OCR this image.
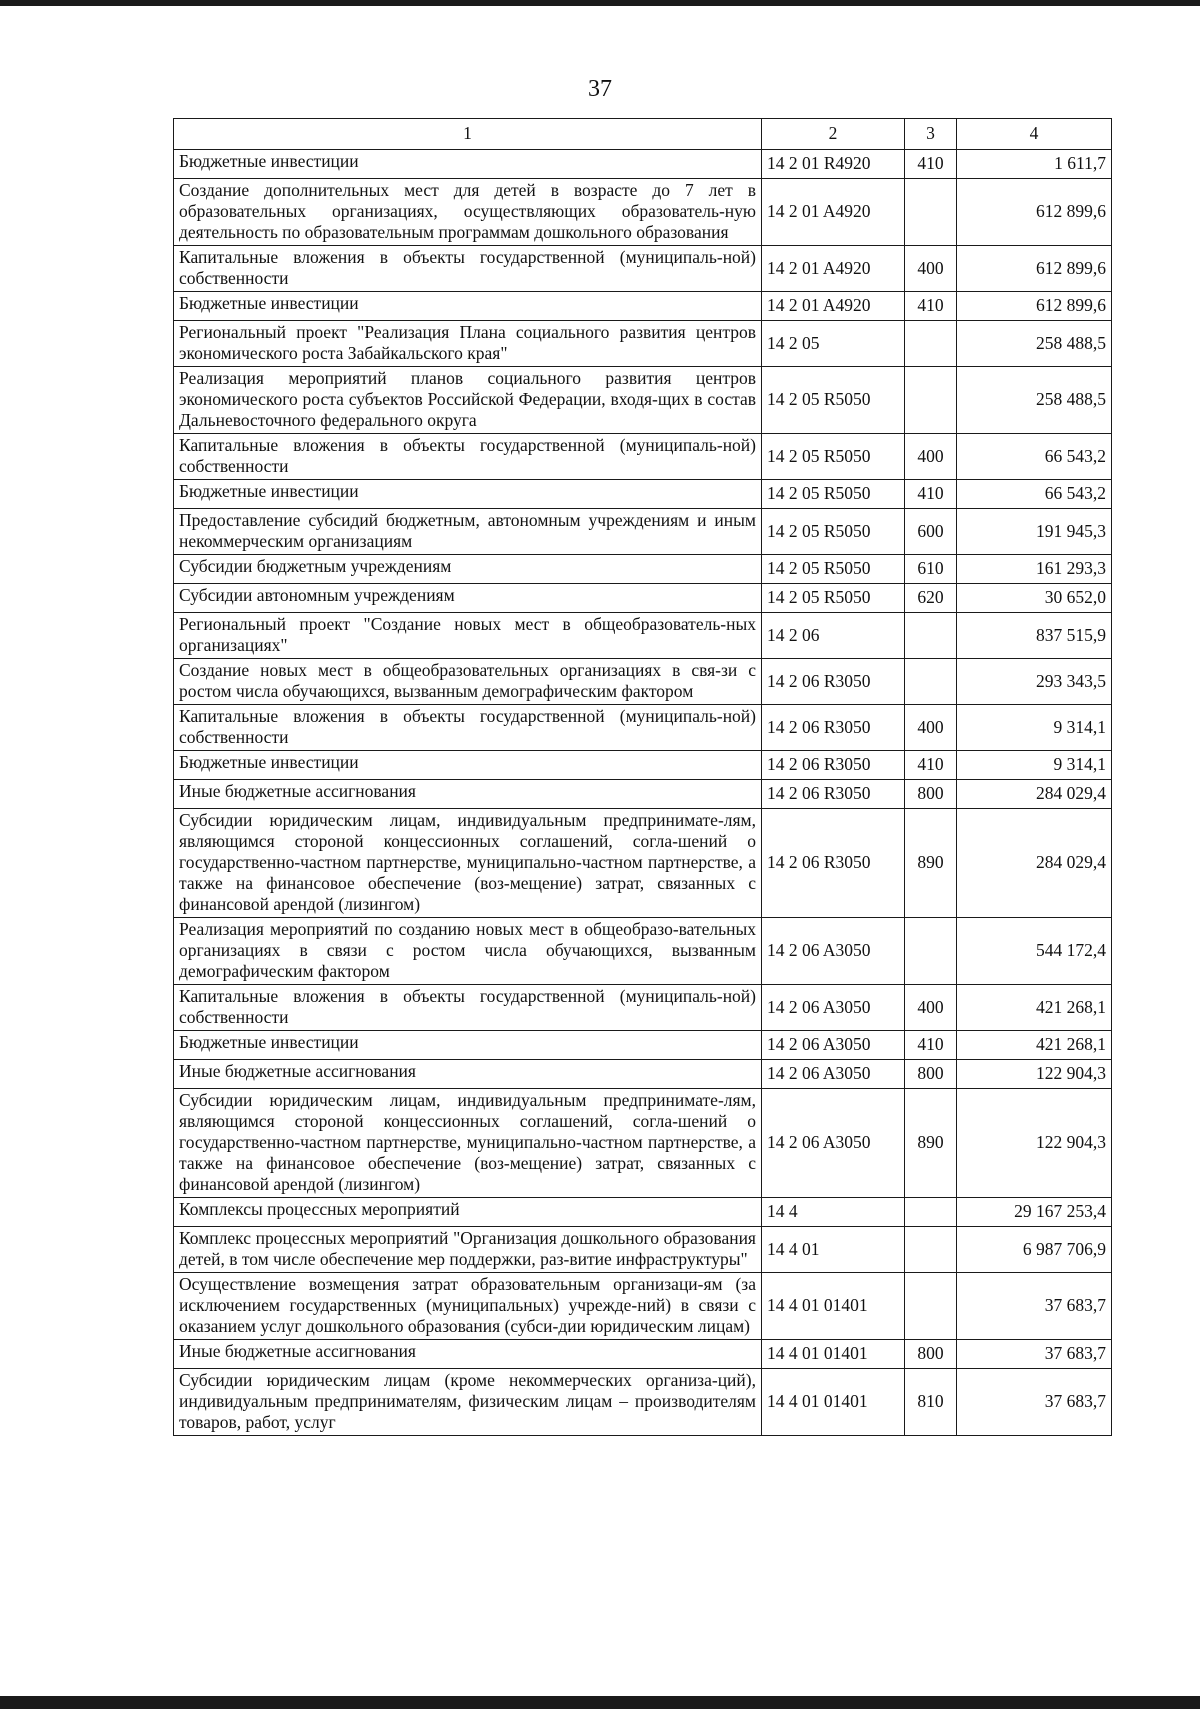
37
1	2	3	4
Бюджетные инвестиции	14 2 01 R4920	410	1 611,7
Создание дополнительных мест для детей в возрасте до 7 лет в образовательных организациях, осуществляющих образователь-ную деятельность по образовательным программам дошкольного образования	14 2 01 A4920		612 899,6
Капитальные вложения в объекты государственной (муниципаль-ной) собственности	14 2 01 A4920	400	612 899,6
Бюджетные инвестиции	14 2 01 A4920	410	612 899,6
Региональный проект "Реализация Плана социального развития центров экономического роста Забайкальского края"	14 2 05		258 488,5
Реализация мероприятий планов социального развития центров экономического роста субъектов Российской Федерации, входя-щих в состав Дальневосточного федерального округа	14 2 05 R5050		258 488,5
Капитальные вложения в объекты государственной (муниципаль-ной) собственности	14 2 05 R5050	400	66 543,2
Бюджетные инвестиции	14 2 05 R5050	410	66 543,2
Предоставление субсидий бюджетным, автономным учреждениям и иным некоммерческим организациям	14 2 05 R5050	600	191 945,3
Субсидии бюджетным учреждениям	14 2 05 R5050	610	161 293,3
Субсидии автономным учреждениям	14 2 05 R5050	620	30 652,0
Региональный проект "Создание новых мест в общеобразователь-ных организациях"	14 2 06		837 515,9
Создание новых мест в общеобразовательных организациях в свя-зи с ростом числа обучающихся, вызванным демографическим фактором	14 2 06 R3050		293 343,5
Капитальные вложения в объекты государственной (муниципаль-ной) собственности	14 2 06 R3050	400	9 314,1
Бюджетные инвестиции	14 2 06 R3050	410	9 314,1
Иные бюджетные ассигнования	14 2 06 R3050	800	284 029,4
Субсидии юридическим лицам, индивидуальным предпринимате-лям, являющимся стороной концессионных соглашений, согла-шений о государственно-частном партнерстве, муниципально-частном партнерстве, а также на финансовое обеспечение (воз-мещение) затрат, связанных с финансовой арендой (лизингом)	14 2 06 R3050	890	284 029,4
Реализация мероприятий по созданию новых мест в общеобразо-вательных организациях в связи с ростом числа обучающихся, вызванным демографическим фактором	14 2 06 A3050		544 172,4
Капитальные вложения в объекты государственной (муниципаль-ной) собственности	14 2 06 A3050	400	421 268,1
Бюджетные инвестиции	14 2 06 A3050	410	421 268,1
Иные бюджетные ассигнования	14 2 06 A3050	800	122 904,3
Субсидии юридическим лицам, индивидуальным предпринимате-лям, являющимся стороной концессионных соглашений, согла-шений о государственно-частном партнерстве, муниципально-частном партнерстве, а также на финансовое обеспечение (воз-мещение) затрат, связанных с финансовой арендой (лизингом)	14 2 06 A3050	890	122 904,3
Комплексы процессных мероприятий	14 4		29 167 253,4
Комплекс процессных мероприятий "Организация дошкольного образования детей, в том числе обеспечение мер поддержки, раз-витие инфраструктуры"	14 4 01		6 987 706,9
Осуществление возмещения затрат образовательным организаци-ям (за исключением государственных (муниципальных) учрежде-ний) в связи с оказанием услуг дошкольного образования (субси-дии юридическим лицам)	14 4 01 01401		37 683,7
Иные бюджетные ассигнования	14 4 01 01401	800	37 683,7
Субсидии юридическим лицам (кроме некоммерческих организа-ций), индивидуальным предпринимателям, физическим лицам – производителям товаров, работ, услуг	14 4 01 01401	810	37 683,7
